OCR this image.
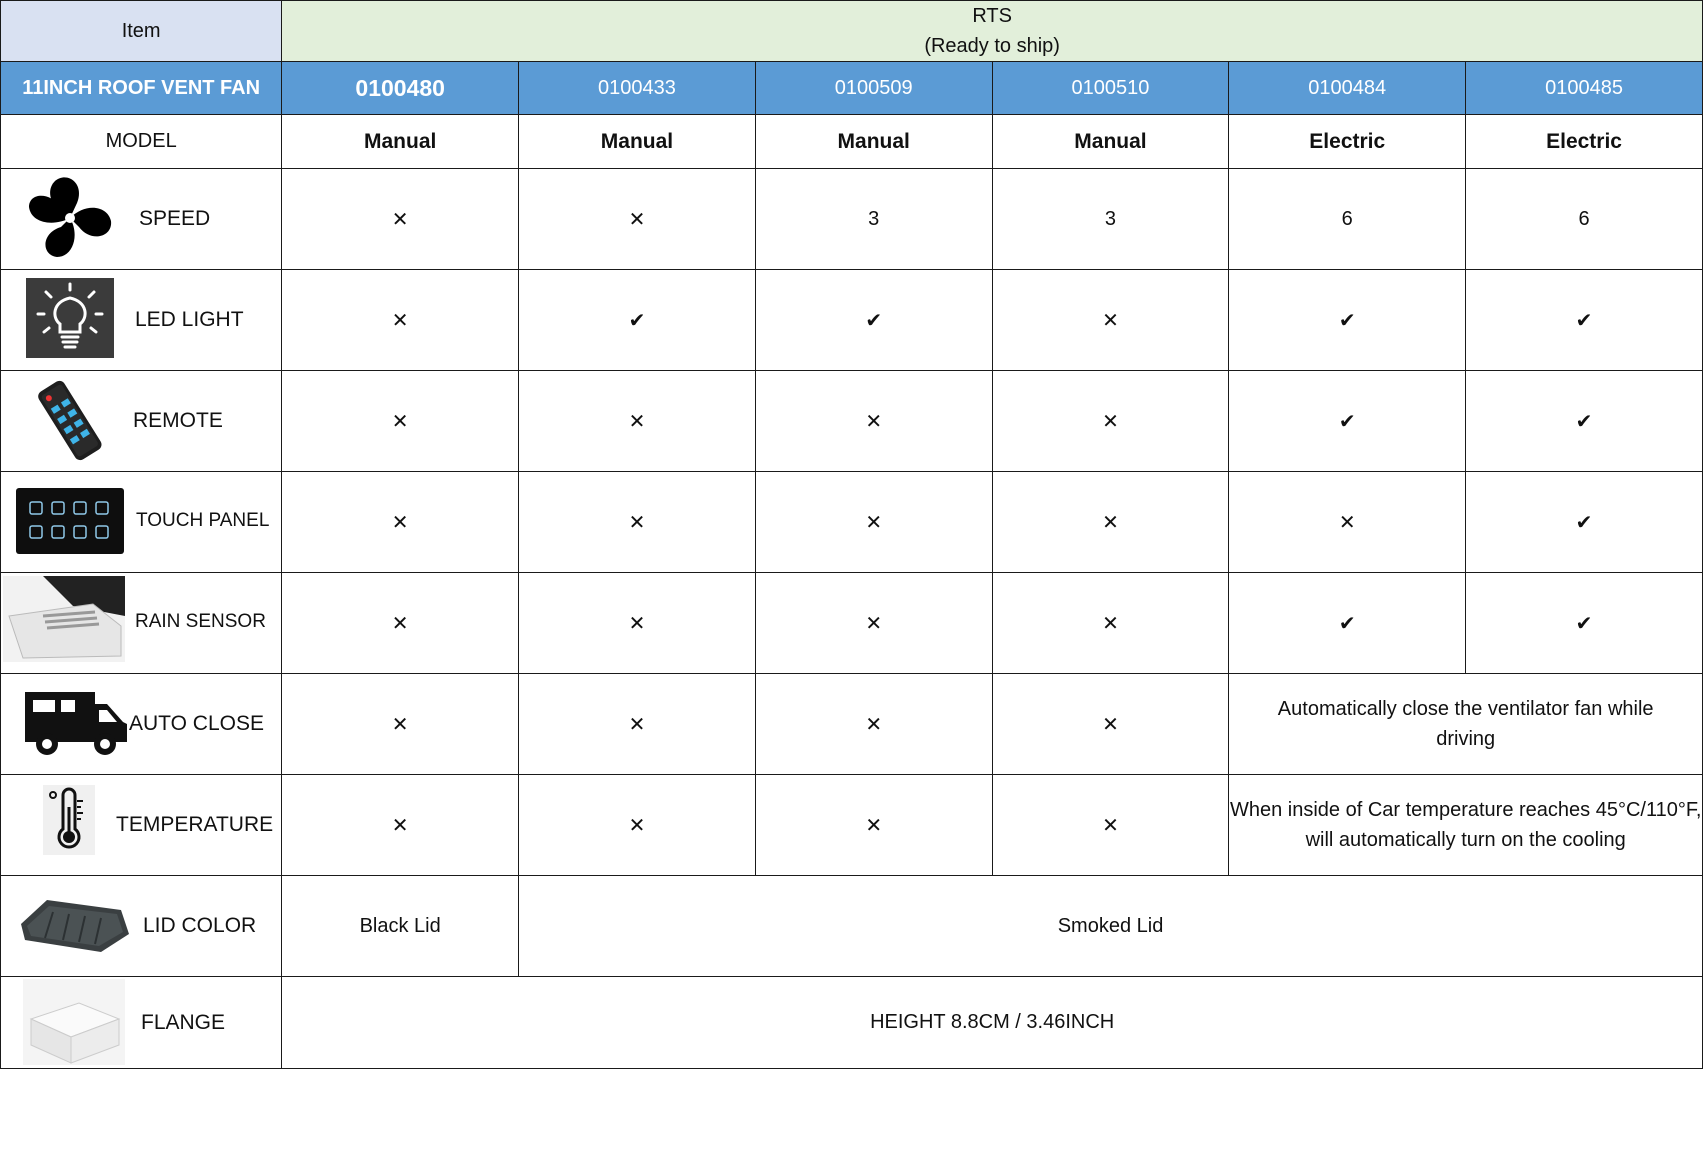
Item	RTS
(Ready to ship)					

11INCH ROOF VENT FAN	0100480	0100433	0100509	0100510	0100484	0100485
MODEL	Manual	Manual	Manual	Manual	Electric	Electric

SPEED	✕	✕	3	3	6	6

LED LIGHT	✕	✔	✔	✕	✔	✔

REMOTE	✕	✕	✕	✕	✔	✔

TOUCH PANEL	✕	✕	✕	✕	✕	✔

RAIN SENSOR	✕	✕	✕	✕	✔	✔

AUTO CLOSE	✕	✕	✕	✕	Automatically close the ventilator fan while driving	

TEMPERATURE	✕	✕	✕	✕	When inside of Car temperature reaches 45°C/110°F, will automatically turn on the cooling	

LID COLOR	Black Lid	Smoked Lid				

FLANGE	HEIGHT 8.8CM / 3.46INCH					
